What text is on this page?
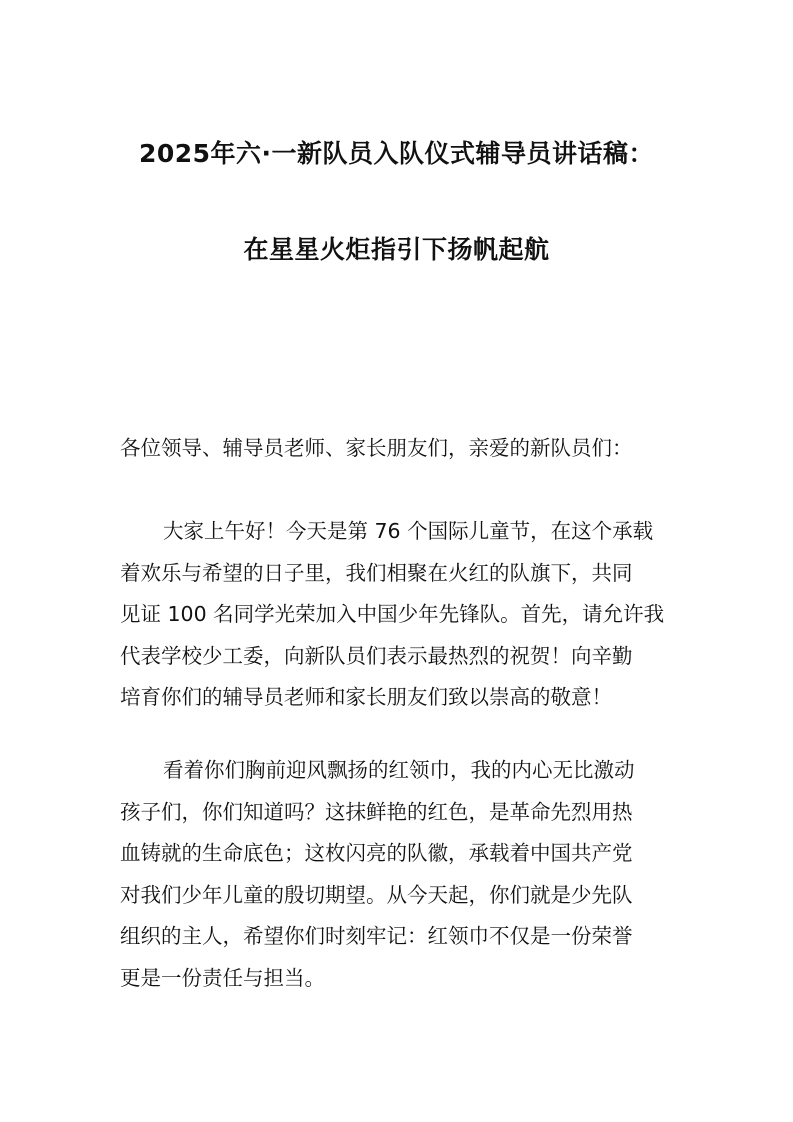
2025年六·一新队员入队仪式辅导员讲话稿：
在星星火炬指引下扬帆起航
各位领导、辅导员老师、家长朋友们，亲爱的新队员们：
大家上午好！今天是第 76 个国际儿童节，在这个承载
着欢乐与希望的日子里，我们相聚在火红的队旗下，共同
见证 100 名同学光荣加入中国少年先锋队。首先，请允许我
代表学校少工委，向新队员们表示最热烈的祝贺！向辛勤
培育你们的辅导员老师和家长朋友们致以崇高的敬意！
看着你们胸前迎风飘扬的红领巾，我的内心无比激动
孩子们，你们知道吗？这抹鲜艳的红色，是革命先烈用热
血铸就的生命底色；这枚闪亮的队徽，承载着中国共产党
对我们少年儿童的殷切期望。从今天起，你们就是少先队
组织的主人，希望你们时刻牢记：红领巾不仅是一份荣誉
更是一份责任与担当。
